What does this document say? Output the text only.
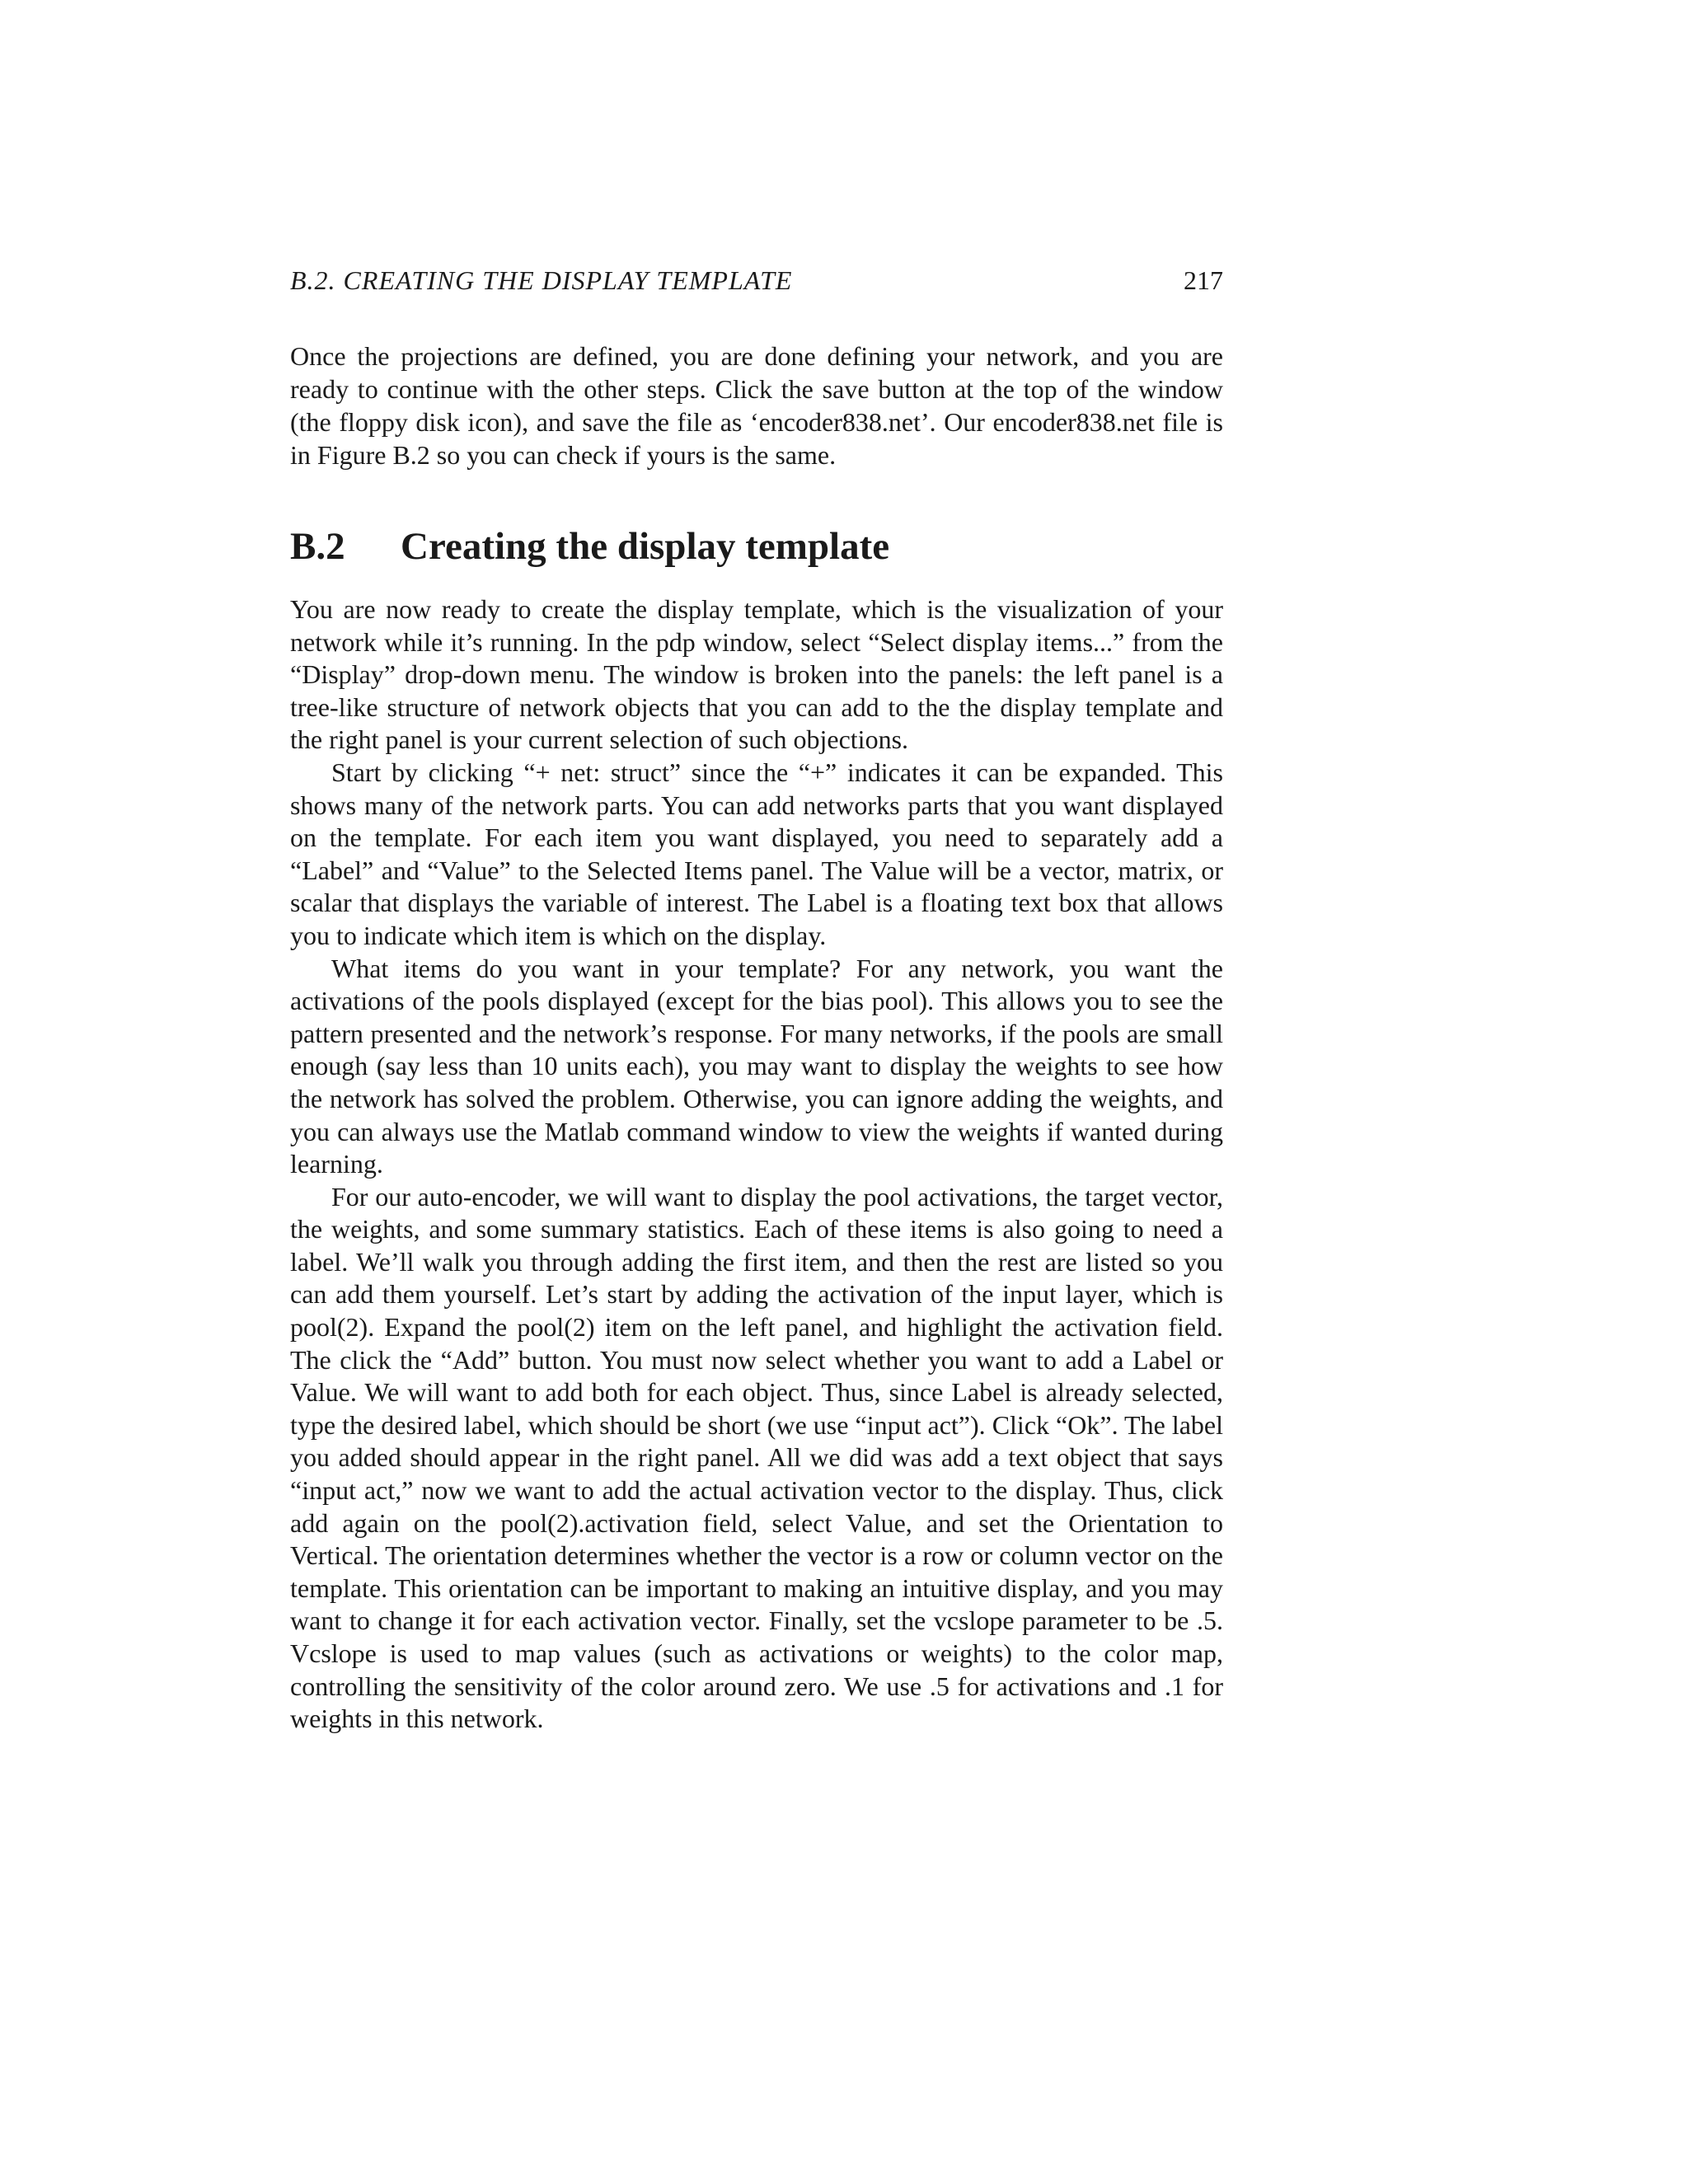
B.2. CREATING THE DISPLAY TEMPLATE	217

Once the projections are defined, you are done defining your network, and you are ready to continue with the other steps. Click the save button at the top of the window (the floppy disk icon), and save the file as ‘encoder838.net’. Our encoder838.net file is in Figure B.2 so you can check if yours is the same.

B.2 Creating the display template

You are now ready to create the display template, which is the visualization of your network while it’s running. In the pdp window, select “Select display items...” from the “Display” drop-down menu. The window is broken into the panels: the left panel is a tree-like structure of network objects that you can add to the the display template and the right panel is your current selection of such objections.

Start by clicking “+ net: struct” since the “+” indicates it can be expanded. This shows many of the network parts. You can add networks parts that you want displayed on the template. For each item you want displayed, you need to separately add a “Label” and “Value” to the Selected Items panel. The Value will be a vector, matrix, or scalar that displays the variable of interest. The Label is a floating text box that allows you to indicate which item is which on the display.

What items do you want in your template? For any network, you want the activations of the pools displayed (except for the bias pool). This allows you to see the pattern presented and the network’s response. For many networks, if the pools are small enough (say less than 10 units each), you may want to display the weights to see how the network has solved the problem. Otherwise, you can ignore adding the weights, and you can always use the Matlab command window to view the weights if wanted during learning.

For our auto-encoder, we will want to display the pool activations, the target vector, the weights, and some summary statistics. Each of these items is also going to need a label. We’ll walk you through adding the first item, and then the rest are listed so you can add them yourself. Let’s start by adding the activation of the input layer, which is pool(2). Expand the pool(2) item on the left panel, and highlight the activation field. The click the “Add” button. You must now select whether you want to add a Label or Value. We will want to add both for each object. Thus, since Label is already selected, type the desired label, which should be short (we use “input act”). Click “Ok”. The label you added should appear in the right panel. All we did was add a text object that says “input act,” now we want to add the actual activation vector to the display. Thus, click add again on the pool(2).activation field, select Value, and set the Orientation to Vertical. The orientation determines whether the vector is a row or column vector on the template. This orientation can be important to making an intuitive display, and you may want to change it for each activation vector. Finally, set the vcslope parameter to be .5. Vcslope is used to map values (such as activations or weights) to the color map, controlling the sensitivity of the color around zero. We use .5 for activations and .1 for weights in this network.
